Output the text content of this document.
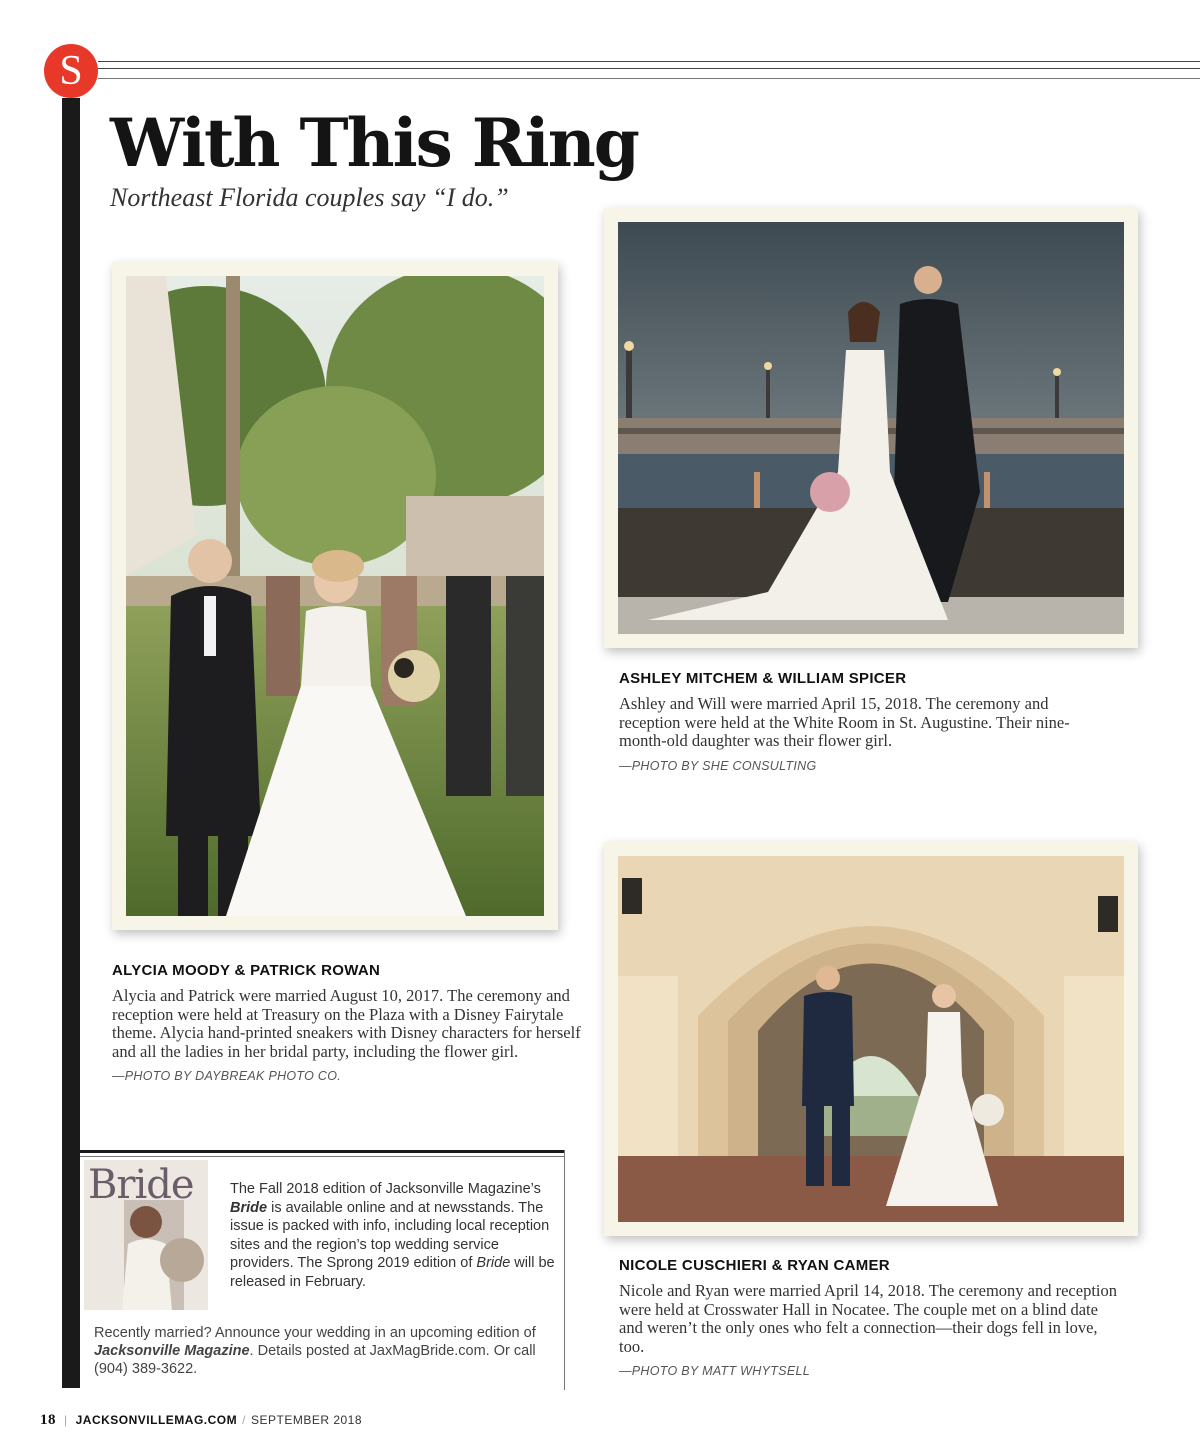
S
With This Ring

Northeast Florida couples say “I do.”

ALYCIA MOODY & PATRICK ROWAN

Alycia and Patrick were married August 10, 2017. The ceremony and reception were held at Treasury on the Plaza with a Disney Fairytale theme. Alycia hand-printed sneakers with Disney characters for herself and all the ladies in her bridal party, including the flower girl.

—PHOTO BY DAYBREAK PHOTO CO.

ASHLEY MITCHEM & WILLIAM SPICER

Ashley and Will were married April 15, 2018. The ceremony and reception were held at the White Room in St. Augustine. Their nine-month-old daughter was their flower girl.

—PHOTO BY SHE CONSULTING

NICOLE CUSCHIERI & RYAN CAMER

Nicole and Ryan were married April 14, 2018. The ceremony and reception were held at Crosswater Hall in Nocatee. The couple met on a blind date and weren’t the only ones who felt a connection—their dogs fell in love, too.

—PHOTO BY MATT WHYTSELL

Bride	The Fall 2018 edition of Jacksonville Magazine’s Bride is available online and at newsstands. The issue is packed with info, including local reception sites and the region’s top wedding service providers. The Sprong 2019 edition of Bride will be released in February.

Recently married? Announce your wedding in an upcoming edition of Jacksonville Magazine. Details posted at JaxMagBride.com. Or call (904) 389-3622.

18 | JACKSONVILLEMAG.COM / SEPTEMBER 2018
